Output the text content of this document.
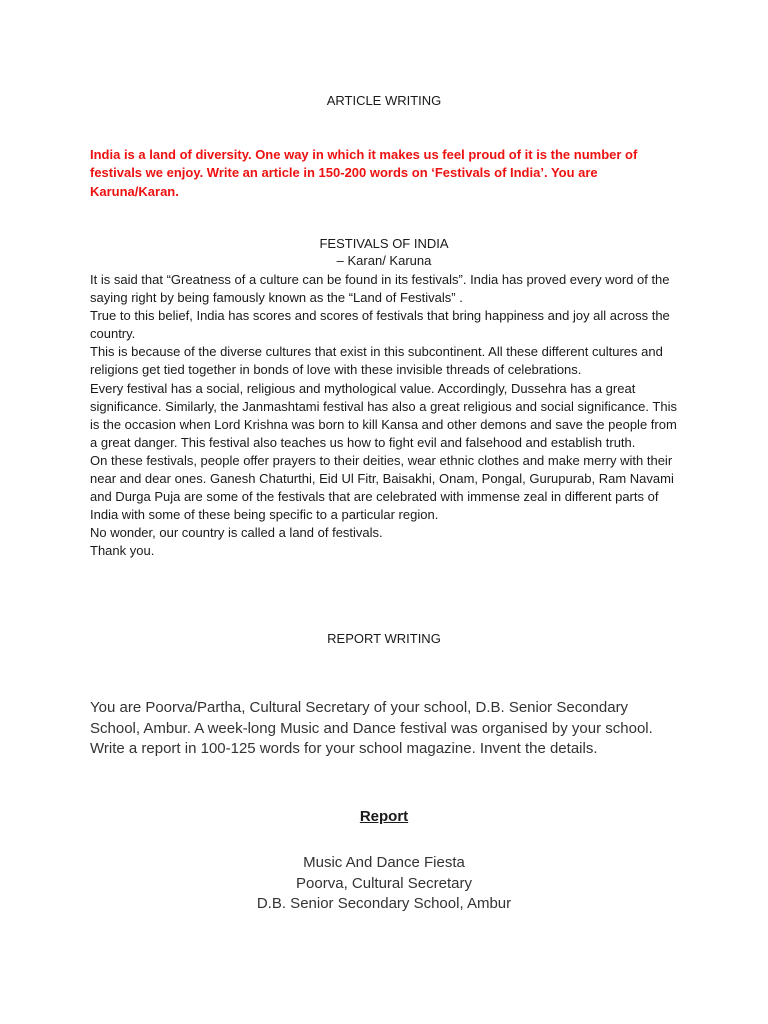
ARTICLE WRITING
India is a land of diversity. One way in which it makes us feel proud of it is the number of festivals we enjoy. Write an article in 150-200 words on ‘Festivals of India’. You are Karuna/Karan.
FESTIVALS OF INDIA
– Karan/ Karuna

It is said that “Greatness of a culture can be found in its festivals”. India has proved every word of the saying right by being famously known as the “Land of Festivals” .

True to this belief, India has scores and scores of festivals that bring happiness and joy all across the country.

This is because of the diverse cultures that exist in this subcontinent. All these different cultures and religions get tied together in bonds of love with these invisible threads of celebrations.

Every festival has a social, religious and mythological value. Accordingly, Dussehra has a great significance. Similarly, the Janmashtami festival has also a great religious and social significance. This is the occasion when Lord Krishna was born to kill Kansa and other demons and save the people from a great danger. This festival also teaches us how to fight evil and falsehood and establish truth.

On these festivals, people offer prayers to their deities, wear ethnic clothes and make merry with their near and dear ones. Ganesh Chaturthi, Eid Ul Fitr, Baisakhi, Onam, Pongal, Gurupurab, Ram Navami and Durga Puja are some of the festivals that are celebrated with immense zeal in different parts of India with some of these being specific to a particular region.

No wonder, our country is called a land of festivals.

Thank you.

REPORT WRITING
You are Poorva/Partha, Cultural Secretary of your school, D.B. Senior Secondary School, Ambur. A week-long Music and Dance festival was organised by your school. Write a report in 100-125 words for your school magazine. Invent the details.
Report
Music And Dance Fiesta
Poorva, Cultural Secretary
D.B. Senior Secondary School, Ambur
